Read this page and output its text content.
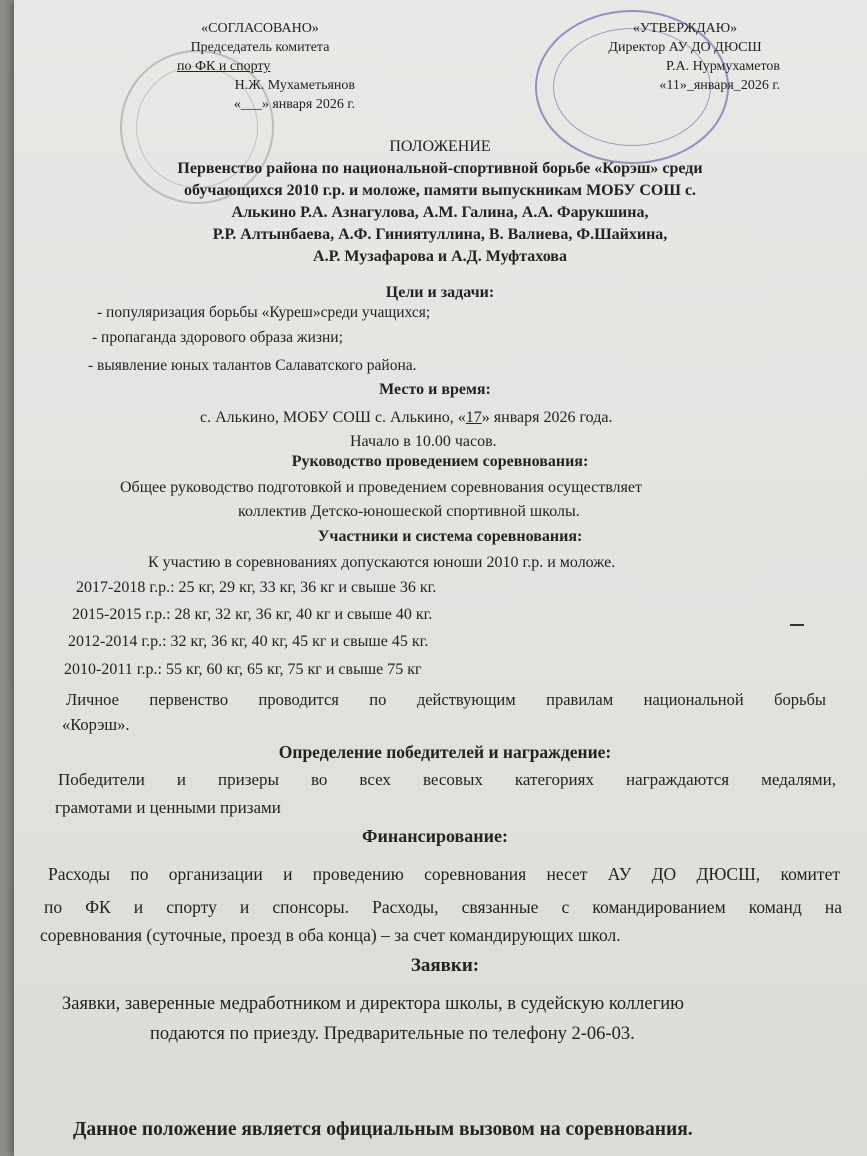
«СОГЛАСОВАНО»
Председатель комитета
по ФК и спорту
Н.Ж. Мухаметьянов
«___» января 2026 г.
«УТВЕРЖДАЮ»
Директор АУ ДО ДЮСШ
Р.А. Нурмухаметов
«11»_января_2026 г.
ПОЛОЖЕНИЕ
Первенство района по национальной-спортивной борьбе «Корэш» среди
обучающихся 2010 г.р. и моложе, памяти выпускникам МОБУ СОШ с.
Алькино Р.А. Азнагулова, А.М. Галина, А.А. Фарукшина,
Р.Р. Алтынбаева, А.Ф. Гиниятуллина, В. Валиева, Ф.Шайхина,
А.Р. Музафарова и А.Д. Муфтахова
Цели и задачи:
- популяризация борьбы «Куреш»среди учащихся;
- пропаганда здорового образа жизни;
- выявление юных талантов Салаватского района.
Место и время:
с. Алькино, МОБУ СОШ с. Алькино, «17» января 2026 года.
Начало в 10.00 часов.
Руководство проведением соревнования:
Общее руководство подготовкой и проведением соревнования осуществляет
коллектив Детско-юношеской спортивной школы.
Участники и система соревнования:
К участию в соревнованиях допускаются юноши 2010 г.р. и моложе.
2017-2018 г.р.: 25 кг, 29 кг, 33 кг, 36 кг и свыше 36 кг.
2015-2015 г.р.: 28 кг, 32 кг, 36 кг, 40 кг и свыше 40 кг.
2012-2014 г.р.: 32 кг, 36 кг, 40 кг, 45 кг и свыше 45 кг.
2010-2011 г.р.: 55 кг, 60 кг, 65 кг, 75 кг и свыше 75 кг
Личное первенство проводится по действующим правилам национальной борьбы
«Корэш».
Определение победителей и награждение:
Победители и призеры во всех весовых категориях награждаются медалями,
грамотами и ценными призами
Финансирование:
Расходы по организации и проведению соревнования несет АУ ДО ДЮСШ, комитет
по ФК и спорту и спонсоры. Расходы, связанные с командированием команд на
соревнования (суточные, проезд в оба конца) – за счет командирующих школ.
Заявки:
Заявки, заверенные медработником и директора школы, в судейскую коллегию
подаются по приезду. Предварительные по телефону 2-06-03.
Данное положение является официальным вызовом на соревнования.
